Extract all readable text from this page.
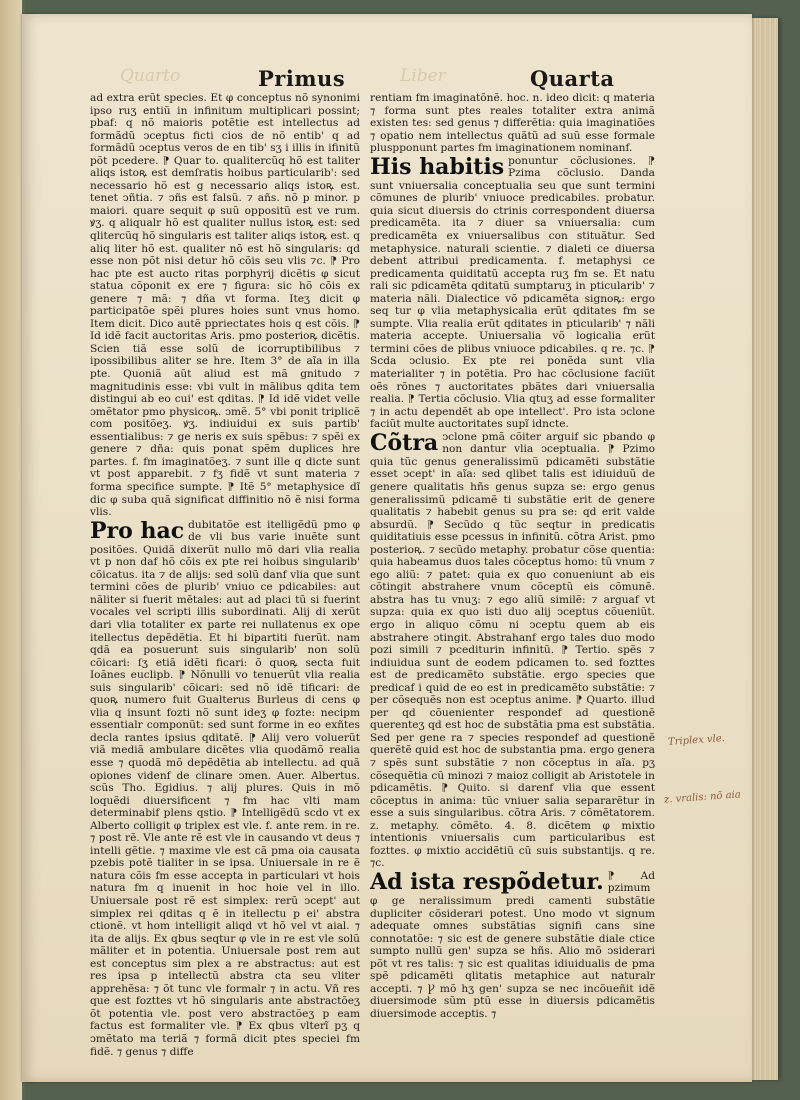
Quarto	Liber
Primus	Quarta

ad extra erũt species. Et φ conceptus nõ synonimi ipso ruʒ entiũ in infinitum multiplicari possint; pbaf: q nõ maioris potẽtie est intellectus ad formãdũ ↄceptus ficti cios de nõ entib' q ad formãdũ ↄceptus veros de en tib' sʒ i illis in ifinitũ põt pcedere. ⁋ Quar to. qualitercũq hõ est taliter aliqs istoꝶ est demſratis hoibus particularib': sed necessario hõ est g necessario aliqs istoꝶ est. tenet ↄñtia. ⁊ ↄñs est falsũ. ⁊ añs. nõ p minor. p maiori. quare sequit φ suũ oppositũ est ve rum. ꝟʒ. q aliqualr hõ est qualiter nullus istoꝶ est: sed qlitercũq hõ singularis est taliter aliqs istoꝶ est. q aliq liter hõ est. qualiter nõ est hõ singularis: qd esse non põt nisi detur hõ cõis seu vlis ⁊c. ⁋ Pro hac pte est aucto ritas porphyrij dicẽtis φ sicut statua cõponit ex ere ⁊ figura: sic hõ cõis ex genere ⁊ mã: ⁊ dña vt forma. Iteʒ dicit φ participatõe spẽi plures hoies sunt vnus homo. Item dicit. Dico autẽ ppriectates hois q est cõis. ⁋ Id idẽ facit auctoritas Aris. pmo posterioꝶ dicẽtis. Scien tiã esse solũ de icorruptibilibus ⁊ ipossibilibus aliter se hre. Item 3° de aĩa in illa pte. Quoniã aũt aliud est mã gnitudo ⁊ magnitudinis esse: vbi vult in mãlibus qdita tem distingui ab eo cui' est qditas. ⁋ Id idẽ videt velle ↄmẽtator pmo physicoꝶ. ↄmẽ. 5° vbi ponit triplicẽ com positõeʒ. ꝟʒ. indiuidui ex suis partib' essentialibus: ⁊ ge neris ex suis spẽbus: ⁊ spẽi ex genere ⁊ dña: quis ponat spẽm duplices hre partes. f. fm imaginatõeʒ. ⁊ sunt ille q dicte sunt vt post apparebit. ⁊ fʒ fidẽ vt sunt materia ⁊ forma specifice sumpte. ⁋ Itẽ 5° metaphysice dĩ dic φ suba quã significat diffinitio nõ ẽ nisi forma vlis.

Pro hac dubitatõe est itelligẽdũ pmo φ de vli bus varie inuẽte sunt positões. Quidã dixerũt nullo mõ dari vlia realia vt p non daf hõ cõis ex pte rei hoibus singularib' cõicatus. ita ⁊ de alijs: sed solũ danf vlia que sunt termini cões de plurib' vniuo ce pdicabiles: aut nãliter si fuerit mẽtales: aut ad placi tũ si fuerint vocales vel scripti illis subordinati. Alij di xerũt dari vlia totaliter ex parte rei nullatenus ex ope itellectus depẽdẽtia. Et hi bipartiti fuerũt. nam qdã ea posuerunt suis singularib' non solũ cõicari: ſʒ etiã idẽti ficari: õ quoꝶ secta fuit Ioãnes euclipb. ⁋ Nõnulli vo tenuerũt vlia realia suis singularib' cõicari: sed nõ idẽ tificari: de quoꝶ numero fuit Gualterus Burleus di cens φ vlia q insunt fozti nõ sunt ideʒ φ fozte: necipm essentialr componũt: sed sunt forme in eo exñtes decla rantes ipsius qditatẽ. ⁋ Alij vero voluerũt viã mediã ambulare dicẽtes vlia quodãmõ realia esse ⁊ quodã mõ depẽdẽtia ab intellectu. ad quã opiones videnf de clinare ↄmen. Auer. Albertus. scũs Tho. Egidius. ⁊ alij plures. Quis in mõ loquẽdi diuersificent ⁊ fm hac vlti mam determinabif plens qstio. ⁋ Intelligẽdũ scdo vt ex Alberto colligit φ triplex est vle. f. ante rem. in re. ⁊ post rẽ. Vle ante rẽ est vle in causando vt deus ⁊ intelli gẽtie. ⁊ maxime vle est cã pma oia causata pzebis potẽ tialiter in se ipsa. Uniuersale in re ẽ natura cõis fm esse accepta in particulari vt hois natura fm q inuenit in hoc hoie vel in illo. Uniuersale post rẽ est simplex: rerũ ↄcept' aut simplex rei qditas q ẽ in itellectu p ei' abstra ctionẽ. vt hom intelligit aliqd vt hõ vel vt aial. ⁊ ita de alijs. Ex qbus seqtur φ vle in re est vle solũ mãliter et in potentia. Uniuersale post rem aut est conceptus sim plex a re abstractus: aut est res ipsa p intellectũ abstra cta seu vliter apprehẽsa: ⁊ õt tunc vle formalr ⁊ in actu. Vñ res que est fozttes vt hõ singularis ante abstractõeʒ õt potentia vle. post vero abstractõeʒ p eam factus est formaliter vle. ⁋ Ex qbus vlterĩ pʒ q ↄmẽtato ma teriã ⁊ formã dicit ptes speciei fm fidẽ. ⁊ genus ⁊ diffe

rentiam fm imaginatõnẽ. hoc. n. ideo dicit: q materia ⁊ forma sunt ptes reales totaliter extra animã existen tes: sed genus ⁊ differẽtia: quia imaginatiões ⁊ opatio nem intellectus quãtũ ad suũ esse formale pluspponunt partes fm imaginationem nominanf.

His habitis ponuntur cõclusiones. ⁋ Pzima cõclusio. Danda sunt vniuersalia conceptualia seu que sunt termini cõmunes de plurib' vniuoce predicabiles. probatur. quia sicut diuersis do ctrinis correspondent diuersa predicamẽta. ita ⁊ diuer sa vniuersalia: cum predicamẽta ex vniuersalibus con stituãtur. Sed metaphysice. naturali scientie. ⁊ dialeti ce diuersa debent attribui predicamenta. f. metaphysi ce predicamenta quiditatũ accepta ruʒ fm se. Et natu rali sic pdicamẽta qditatũ sumptaruʒ in pticularib' ⁊ materia nãli. Dialectice võ pdicamẽta signoꝶ: ergo seq tur φ vlia metaphysicalia erũt qditates fm se sumpte. Vlia realia erũt qditates in pticularib' ⁊ nãli materia accepte. Uniuersalia võ logicalia erũt termini cões de plibus vniuoce pdicabiles. q re. ⁊c. ⁋ Scda ↄclusio. Ex pte rei ponẽda sunt vlia materialiter ⁊ in potẽtia. Pro hac cõclusione faciũt oẽs rõnes ⁊ auctoritates pbãtes dari vniuersalia realia. ⁋ Tertia cõclusio. Vlia qtuʒ ad esse formaliter ⁊ in actu dependẽt ab ope intellect'. Pro ista ↄclone faciũt multe auctoritates supĩ idncte.

Cõtra ↄclone pmã cõiter arguif sic pbando φ non dantur vlia ↄceptualia. ⁋ Pzimo quia tũc genus generalissimũ pdicamẽti substãtie esset ↄcept' in aĩa: sed qlibet talis est idiuiduũ de genere qualitatis hñs genus supza se: ergo genus generalissimũ pdicamẽ ti substãtie erit de genere qualitatis ⁊ habebit genus su pra se: qd erit valde absurdũ. ⁋ Secũdo q tũc seqtur in predicatis quiditatiuis esse pcessus in infinitũ. cõtra Arist. pmo posterioꝶ. ⁊ secũdo metaphy. probatur cõse quentia: quia habeamus duos tales cõceptus homo: tũ vnum ⁊ ego aliũ: ⁊ patet: quia ex quo conueniunt ab eis cõtingit abstrahere vnum cõceptũ eis cõmunẽ. abstra has tu vnuʒ: ⁊ ego aliũ similẽ: ⁊ arguaf vt supza: quia ex quo isti duo alij ↄceptus cõueniũt. ergo in aliquo cõmu ni ↄceptu quem ab eis abstrahere ↄtingit. Abstrahanf ergo tales duo modo pozi simili ⁊ pcediturin infinitũ. ⁋ Tertio. spẽs ⁊ indiuidua sunt de eodem pdicamen to. sed fozttes est de predicamẽto substãtie. ergo species que predicaf i quid de eo est in predicamẽto substãtie: ⁊ per cõsequẽs non est ↄceptus anime. ⁋ Quarto. illud per qd cõuenienter respondef ad questionẽ querenteʒ qd est hoc de substãtia pma est substãtia. Sed per gene ra ⁊ species respondef ad questionẽ querẽtẽ quid est hoc de substantia pma. ergo genera ⁊ spẽs sunt substãtie ⁊ non cõceptus in aĩa. pʒ cõsequẽtia cũ minozi ⁊ maioz colligit ab Aristotele in pdicamẽtis. ⁋ Quito. si darenf vlia que essent cõceptus in anima: tũc vniuer salia separarẽtur in esse a suis singularibus. cõtra Aris. ⁊ cõmẽtatorem. z. metaphy. cõmẽto. 4. 8. dicẽtem φ mixtio intentionis vniuersalis cum particularibus est fozttes. φ mixtio accidẽtiũ cũ suis substantijs. q re. ⁊c.

Ad ista respõdetur. ⁋ Ad pzimum φ ge neralissimum predi camenti substãtie dupliciter cõsiderari potest. Uno modo vt signum adequate omnes substãtias signifi cans sine connotatõe: ⁊ sic est de genere substãtie diale ctice sumpto nullũ gen' supza se hñs. Alio mõ ↄsiderari põt vt res talis: ⁊ sic est qualitas idiuidualis de pma spẽ pdicamẽti qlitatis metaphice aut naturalr accepti. ⁊ Ꝩ mõ hʒ gen' supza se nec incõueñit idẽ diuersimode sũm ptũ esse in diuersis pdicamẽtis diuersimode acceptis. ⁊

Triplex vle.
z. vralis: nõ aia
